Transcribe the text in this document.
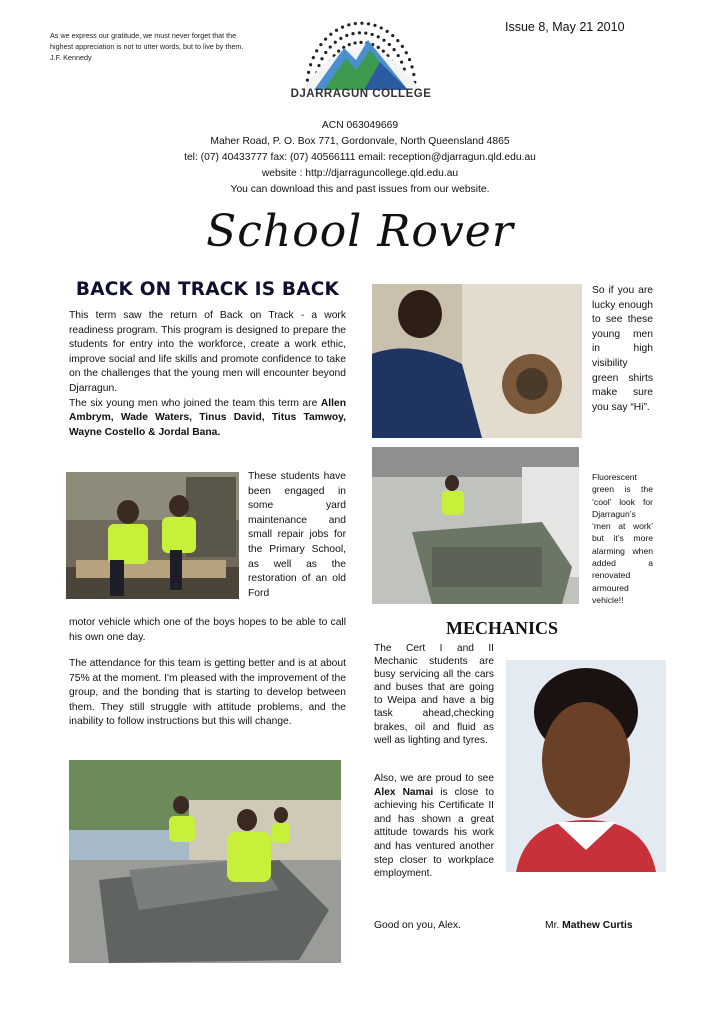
As we express our gratitude, we must never forget that the highest appreciation is not to utter words, but to live by them. J.F. Kennedy
Issue 8, May 21 2010
DJARRAGUN COLLEGE
ACN 063049669
Maher Road, P. O. Box 771, Gordonvale, North Queensland 4865
tel: (07) 40433777 fax: (07) 40566111 email: reception@djarragun.qld.edu.au
website : http://djarraguncollege.qld.edu.au
You can download this and past issues from our website.
School Rover
BACK ON TRACK IS BACK
This term saw the return of Back on Track - a work readiness program. This program is designed to prepare the students for entry into the workforce, create a work ethic, improve social and life skills and promote confidence to take on the challenges that the young men will encounter beyond Djarragun.
The six young men who joined the team this term are Allen Ambrym, Wade Waters, Tinus David, Titus Tamwoy, Wayne Costello & Jordal Bana.
These students have been engaged in some yard maintenance and small repair jobs for the Primary School, as well as the restoration of an old Ford
motor vehicle which one of the boys hopes to be able to call his own one day.
The attendance for this team is getting better and is at about 75% at the moment. I'm pleased with the improvement of the group, and the bonding that is starting to develop between them. They still struggle with attitude problems, and the inability to follow instructions but this will change.
So if you are lucky enough to see these young men in high visibility green shirts make sure you say “Hi”.
Fluorescent green is the ‘cool’ look for Djarragun’s ‘men at work’ but it’s more alarming when added a renovated armoured vehicle!!
MECHANICS
The Cert I and II Mechanic students are busy servicing all the cars and buses that are going to Weipa and have a big task ahead,checking brakes, oil and fluid as well as lighting and tyres.
Also, we are proud to see Alex Namai is close to achieving his Certificate II and has shown a great attitude towards his work and has ventured another step closer to workplace employment.
Good on you, Alex.	Mr. Mathew Curtis
